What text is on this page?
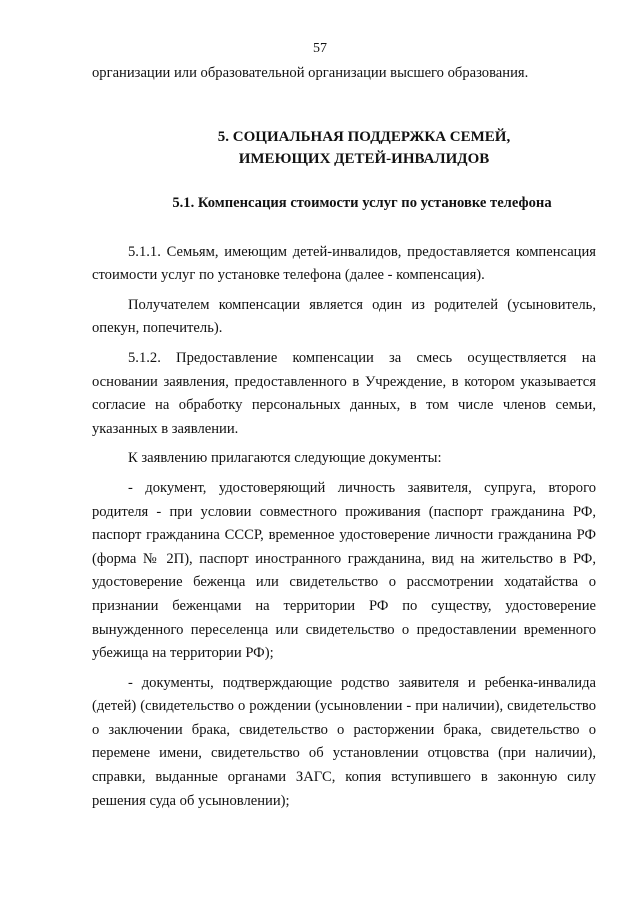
57

организации или образовательной организации высшего образования.

5. СОЦИАЛЬНАЯ ПОДДЕРЖКА СЕМЕЙ,
ИМЕЮЩИХ ДЕТЕЙ-ИНВАЛИДОВ

5.1. Компенсация стоимости услуг по установке телефона

5.1.1. Семьям, имеющим детей-инвалидов, предоставляется компенсация стоимости услуг по установке телефона (далее - компенсация).

Получателем компенсации является один из родителей (усыновитель, опекун, попечитель).

5.1.2. Предоставление компенсации за смесь осуществляется на основании заявления, предоставленного в Учреждение, в котором указывается согласие на обработку персональных данных, в том числе членов семьи, указанных в заявлении.

К заявлению прилагаются следующие документы:

- документ, удостоверяющий личность заявителя, супруга, второго родителя - при условии совместного проживания (паспорт гражданина РФ, паспорт гражданина СССР, временное удостоверение личности гражданина РФ (форма № 2П), паспорт иностранного гражданина, вид на жительство в РФ, удостоверение беженца или свидетельство о рассмотрении ходатайства о признании беженцами на территории РФ по существу, удостоверение вынужденного переселенца или свидетельство о предоставлении временного убежища на территории РФ);

- документы, подтверждающие родство заявителя и ребенка-инвалида (детей) (свидетельство о рождении (усыновлении - при наличии), свидетельство о заключении брака, свидетельство о расторжении брака, свидетельство о перемене имени, свидетельство об установлении отцовства (при наличии), справки, выданные органами ЗАГС, копия вступившего в законную силу решения суда об усыновлении);
